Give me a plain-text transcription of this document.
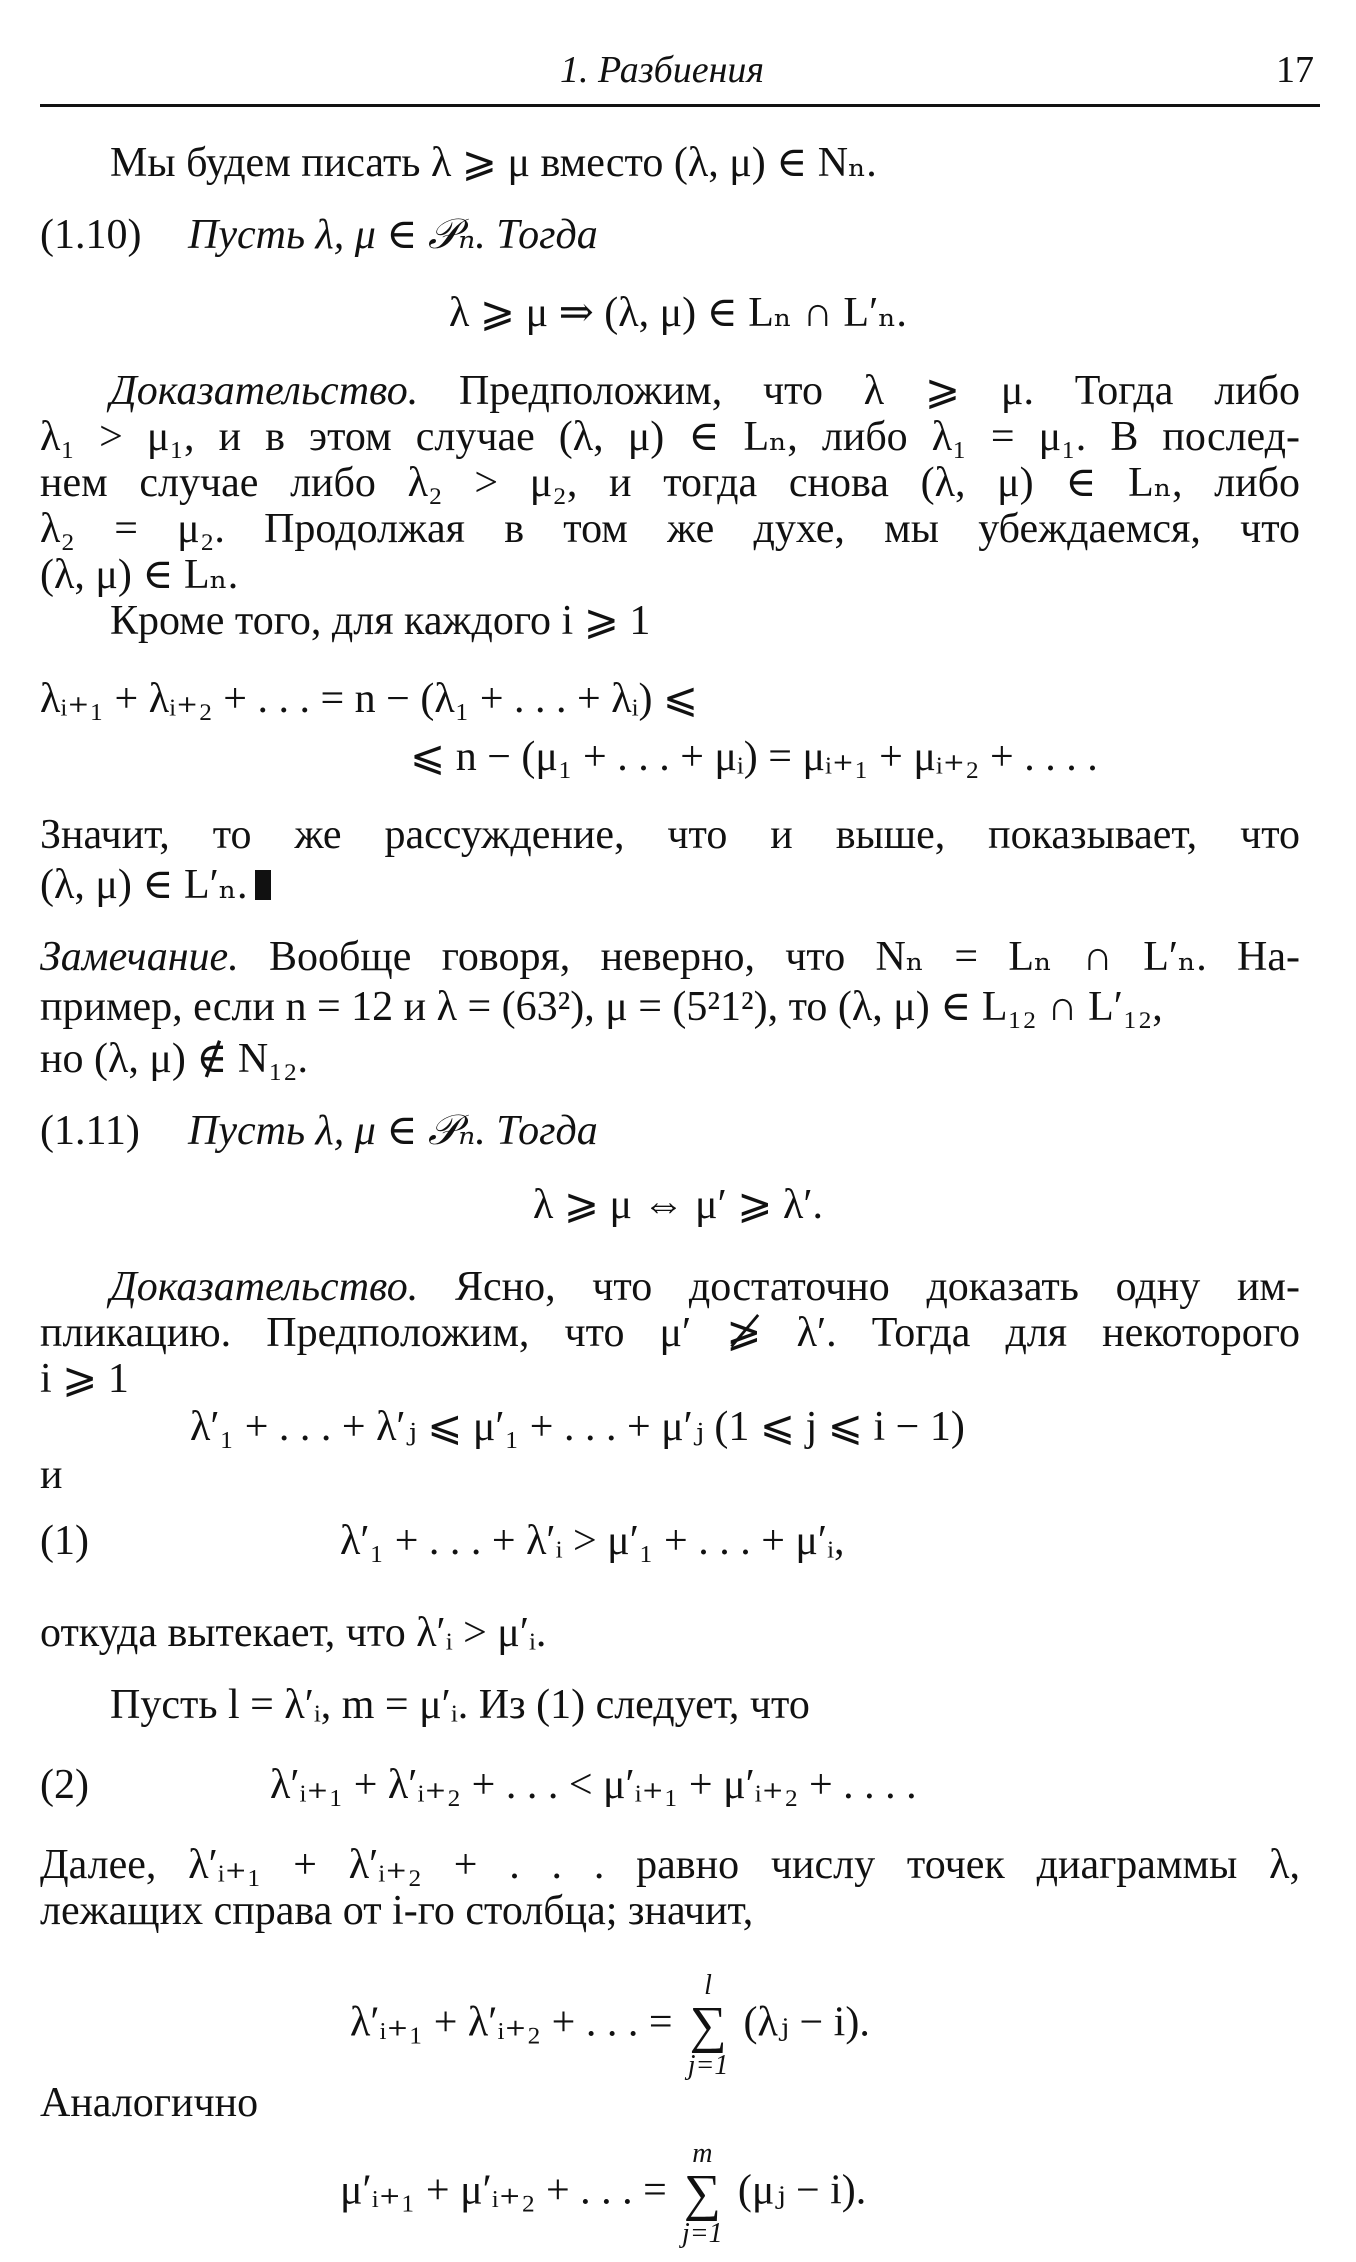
1. Разбиения	17
Мы будем писать λ ⩾ μ вместо (λ, μ) ∈ Nₙ.
(1.10) Пусть λ, μ ∈ 𝒫ₙ. Тогда
λ ⩾ μ ⇒ (λ, μ) ∈ Lₙ ∩ L′ₙ.
Доказательство. Предположим, что λ ⩾ μ. Тогда либо
λ₁ > μ₁, и в этом случае (λ, μ) ∈ Lₙ, либо λ₁ = μ₁. В послед-
нем случае либо λ₂ > μ₂, и тогда снова (λ, μ) ∈ Lₙ, либо
λ₂ = μ₂. Продолжая в том же духе, мы убеждаемся, что
(λ, μ) ∈ Lₙ.
Кроме того, для каждого i ⩾ 1
λᵢ₊₁ + λᵢ₊₂ + . . . = n − (λ₁ + . . . + λᵢ) ⩽
⩽ n − (μ₁ + . . . + μᵢ) = μᵢ₊₁ + μᵢ₊₂ + . . . .
Значит, то же рассуждение, что и выше, показывает, что
(λ, μ) ∈ L′ₙ.
Замечание. Вообще говоря, неверно, что Nₙ = Lₙ ∩ L′ₙ. На-
пример, если n = 12 и λ = (63²), μ = (5²1²), то (λ, μ) ∈ L₁₂ ∩ L′₁₂,
но (λ, μ) ∉ N₁₂.
(1.11) Пусть λ, μ ∈ 𝒫ₙ. Тогда
λ ⩾ μ ⇔ μ′ ⩾ λ′.
Доказательство. Ясно, что достаточно доказать одну им-
пликацию. Предположим, что μ′ ⩾̸ λ′. Тогда для некоторого
i ⩾ 1
λ′₁ + . . . + λ′ⱼ ⩽ μ′₁ + . . . + μ′ⱼ (1 ⩽ j ⩽ i − 1)
и
(1)	λ′₁ + . . . + λ′ᵢ > μ′₁ + . . . + μ′ᵢ,
откуда вытекает, что λ′ᵢ > μ′ᵢ.
Пусть l = λ′ᵢ, m = μ′ᵢ. Из (1) следует, что
(2)	λ′ᵢ₊₁ + λ′ᵢ₊₂ + . . . < μ′ᵢ₊₁ + μ′ᵢ₊₂ + . . . .
Далее, λ′ᵢ₊₁ + λ′ᵢ₊₂ + . . . равно числу точек диаграммы λ,
лежащих справа от i-го столбца; значит,
λ′ᵢ₊₁ + λ′ᵢ₊₂ + . . . =
l
∑
j=1
(λⱼ − i).
Аналогично
μ′ᵢ₊₁ + μ′ᵢ₊₂ + . . . =
m
∑
j=1
(μⱼ − i).
